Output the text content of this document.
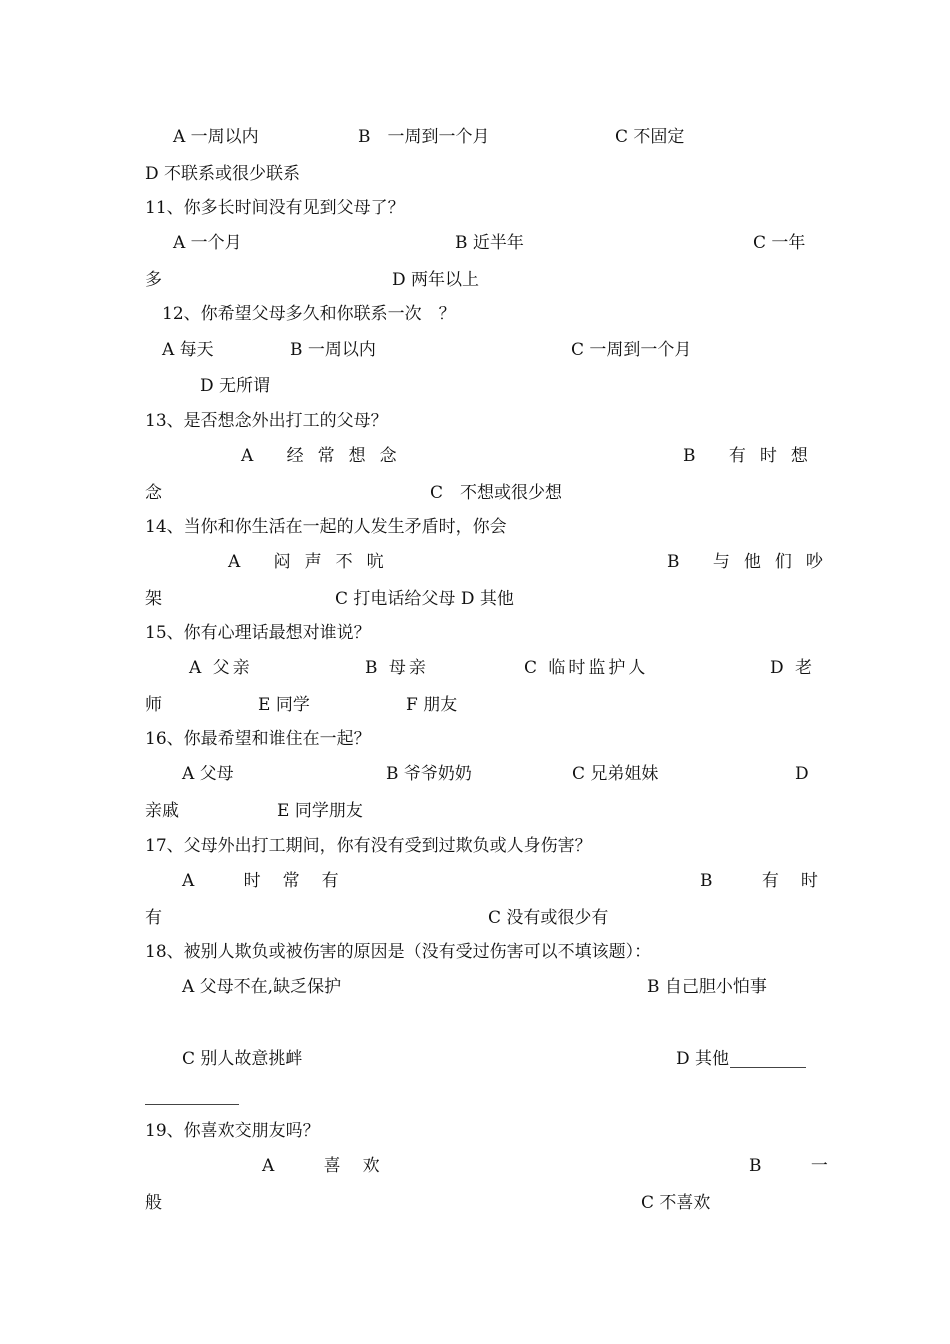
A 一周以内	B　一周到一个月	C 不固定
D 不联系或很少联系
11、你多长时间没有见到父母了？
A 一个月	B 近半年	C 一年
多	D 两年以上
12、你希望父母多久和你联系一次　？
A 每天	B 一周以内	C 一周到一个月
D 无所谓
13、是否想念外出打工的父母？
A 经常想念	B 有时想
念	C　不想或很少想
14、当你和你生活在一起的人发生矛盾时，你会
A 闷声不吭	B 与他们吵
架	C 打电话给父母 D 其他
15、你有心理话最想对谁说？
A 父亲	B 母亲	C 临时监护人	D 老
师	E 同学	F 朋友
16、你最希望和谁住在一起？
A 父母	B 爷爷奶奶	C 兄弟姐妹	D
亲戚	E 同学朋友
17、父母外出打工期间，你有没有受到过欺负或人身伤害？
A 时常有	B 有时
有	C 没有或很少有
18、被别人欺负或被伤害的原因是（没有受过伤害可以不填该题）：
A 父母不在,缺乏保护	B 自己胆小怕事
C 别人故意挑衅	D 其他
19、你喜欢交朋友吗？
A 喜欢	B 一
般	C 不喜欢
